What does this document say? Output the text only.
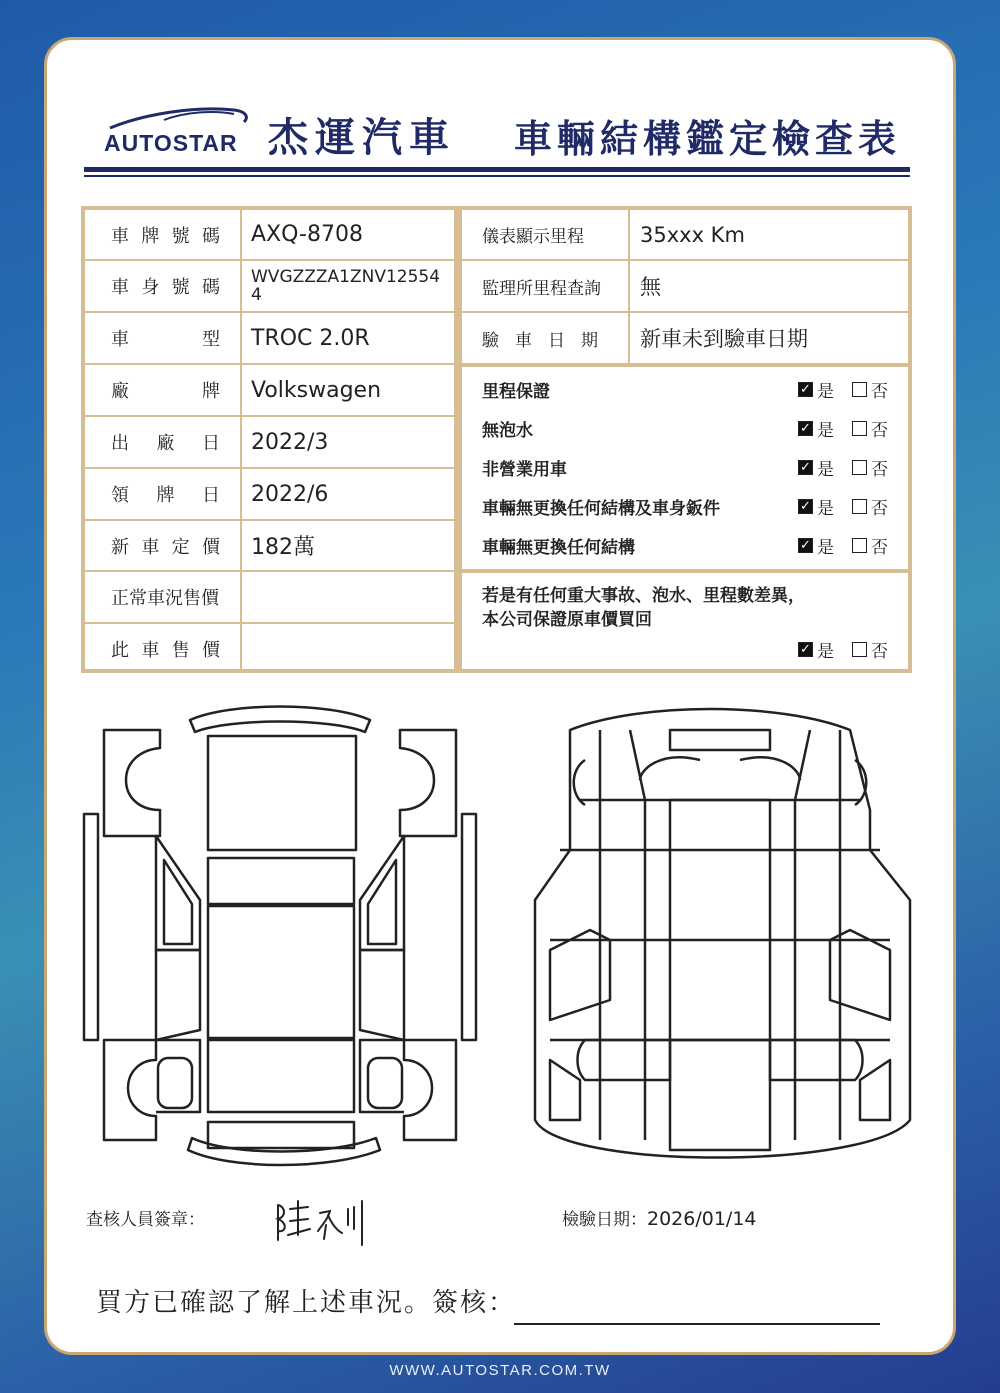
AUTOSTAR 杰運汽車 車輛結構鑑定檢查表
車 牌 號 碼 AXQ-8708
車 身 號 碼 WVGZZZA1ZNV125544
車	型 TROC 2.0R
廠	牌 Volkswagen
出 廠 日 2022/3
領 牌 日 2022/6
新 車 定 價 182萬
正常車況售價
此 車 售 價
儀表顯示里程	35xxx Km
監理所里程查詢	無
驗 車 日 期 新車未到驗車日期
里程保證	✓ 是 否
無泡水	✓ 是 否
非營業用車	✓ 是 否
車輛無更換任何結構及車身鈑件	✓ 是 否
車輛無更換任何結構	✓ 是 否
若是有任何重大事故、泡水、里程數差異，
本公司保證原車價買回
✓ 是 否
查核人員簽章：	檢驗日期：2026/01/14
買方已確認了解上述車況。簽核：
WWW.AUTOSTAR.COM.TW
